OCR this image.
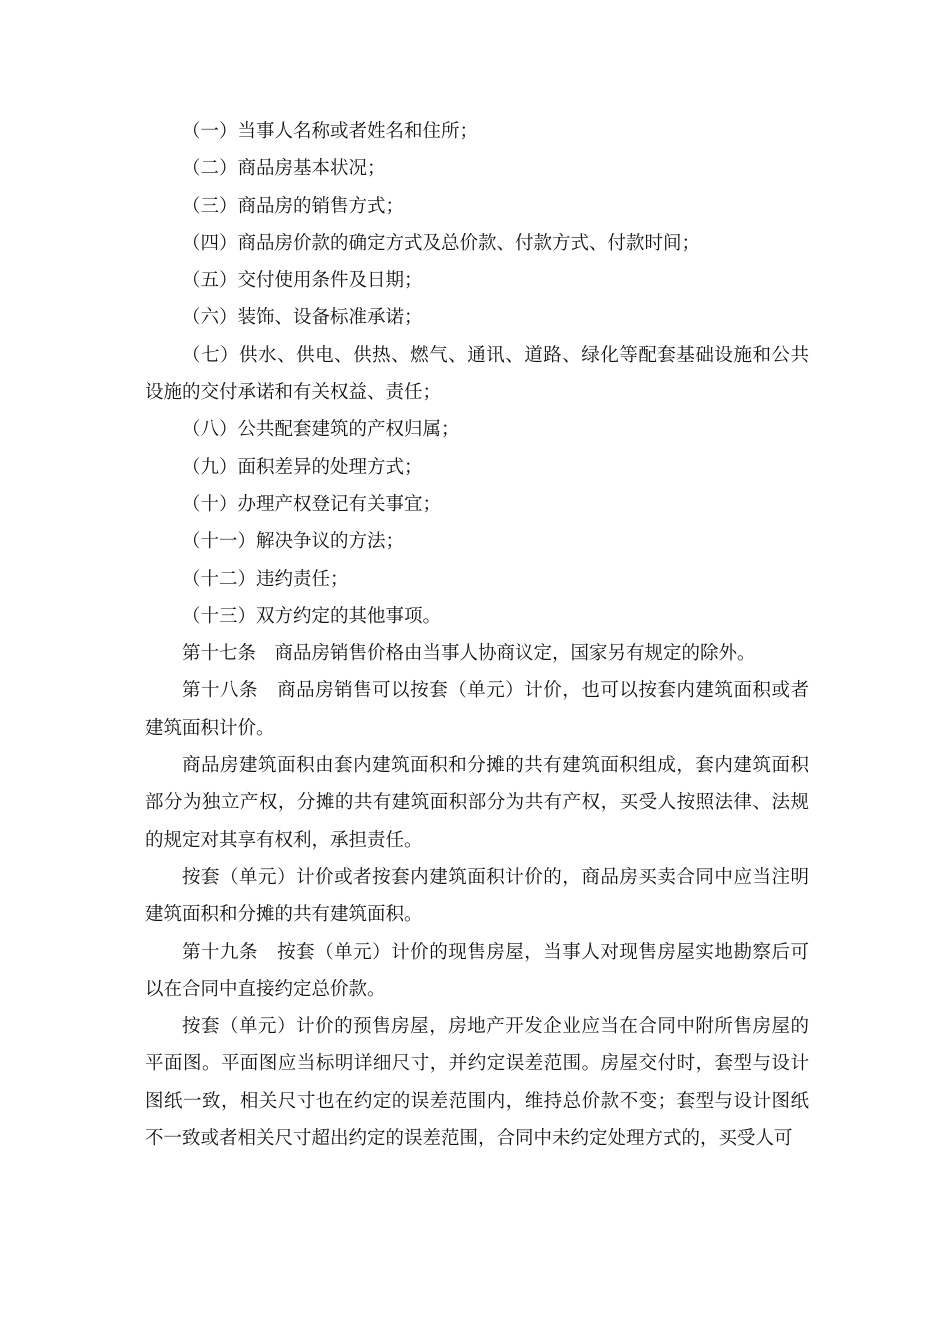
（一）当事人名称或者姓名和住所；

（二）商品房基本状况；

（三）商品房的销售方式；

（四）商品房价款的确定方式及总价款、付款方式、付款时间；

（五）交付使用条件及日期；

（六）装饰、设备标准承诺；

（七）供水、供电、供热、燃气、通讯、道路、绿化等配套基础设施和公共设施的交付承诺和有关权益、责任；

（八）公共配套建筑的产权归属；

（九）面积差异的处理方式；

（十）办理产权登记有关事宜；

（十一）解决争议的方法；

（十二）违约责任；

（十三）双方约定的其他事项。

第十七条　商品房销售价格由当事人协商议定，国家另有规定的除外。

第十八条　商品房销售可以按套（单元）计价，也可以按套内建筑面积或者建筑面积计价。

商品房建筑面积由套内建筑面积和分摊的共有建筑面积组成，套内建筑面积部分为独立产权，分摊的共有建筑面积部分为共有产权，买受人按照法律、法规的规定对其享有权利，承担责任。

按套（单元）计价或者按套内建筑面积计价的，商品房买卖合同中应当注明建筑面积和分摊的共有建筑面积。

第十九条　按套（单元）计价的现售房屋，当事人对现售房屋实地勘察后可以在合同中直接约定总价款。

按套（单元）计价的预售房屋，房地产开发企业应当在合同中附所售房屋的平面图。平面图应当标明详细尺寸，并约定误差范围。房屋交付时，套型与设计图纸一致，相关尺寸也在约定的误差范围内，维持总价款不变；套型与设计图纸不一致或者相关尺寸超出约定的误差范围，合同中未约定处理方式的，买受人可
